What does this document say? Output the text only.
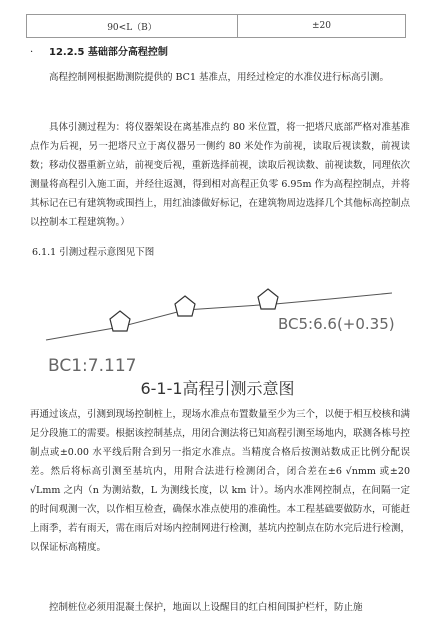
90<L（B）	±20
· 12.2.5 基础部分高程控制

高程控制网根据勘测院提供的 BC1 基准点，用经过检定的水准仪进行标高引测。

具体引测过程为：将仪器架设在离基准点约 80 米位置，将一把塔尺底部严格对准基准点作为后视，另一把塔尺立于离仪器另一侧约 80 米处作为前视，读取后视读数，前视读数；移动仪器重新立站，前视变后视，重新选择前视，读取后视读数、前视读数，同理依次测量将高程引入施工面，并经往返测，得到相对高程正负零 6.95m 作为高程控制点，并将其标记在已有建筑物或围挡上，用红油漆做好标记，在建筑物周边选择几个其他标高控制点以控制本工程建筑物。）

6.1.1 引测过程示意图见下图

BC1:7.117
BC5:6.6(+0.35)
6-1-1高程引测示意图

再通过该点，引测到现场控制桩上，现场水准点布置数量至少为三个，以便于相互校核和满足分段施工的需要。根据该控制基点，用闭合测法将已知高程引测至场地内，联测各栋号控制点或±0.00 水平线后附合到另一指定水准点。当精度合格后按测站数成正比例分配误差。然后将标高引测至基坑内，用附合法进行检测闭合，闭合差在±6 √nmm 或±20 √Lmm 之内（n 为测站数，L 为测线长度，以 km 计）。场内水准网控制点，在间隔一定的时间观测一次，以作相互检查，确保水准点使用的准确性。本工程基础要做防水，可能赶上雨季，若有雨天，需在雨后对场内控制网进行检测，基坑内控制点在防水完后进行检测，以保证标高精度。

控制桩位必须用混凝土保护，地面以上设醒目的红白相间围护栏杆，防止施
